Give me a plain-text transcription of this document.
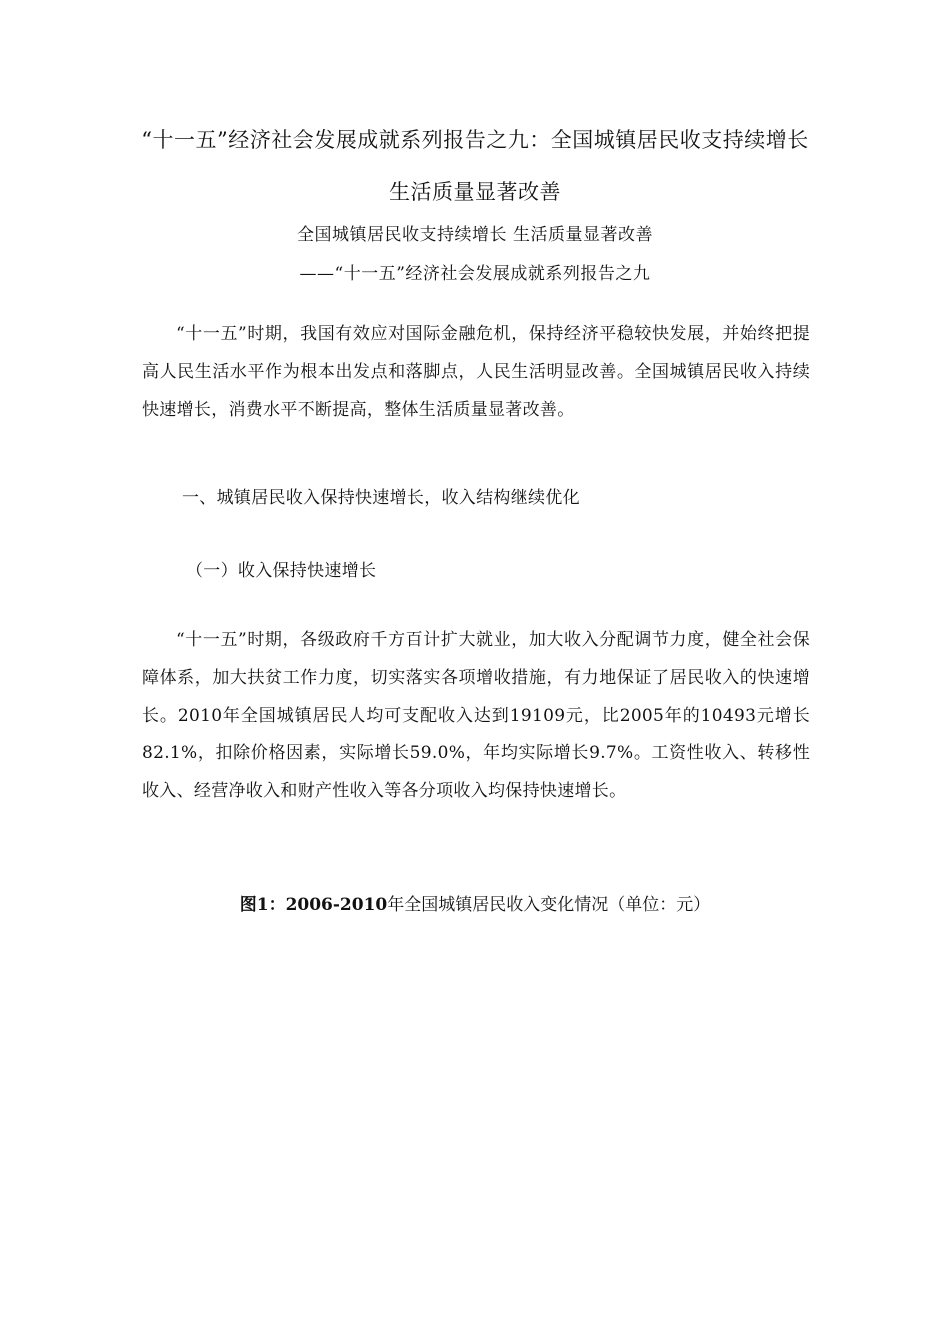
“十一五”经济社会发展成就系列报告之九：全国城镇居民收支持续增长
生活质量显著改善
全国城镇居民收支持续增长 生活质量显著改善
——“十一五”经济社会发展成就系列报告之九

“十一五”时期，我国有效应对国际金融危机，保持经济平稳较快发展，并始终把提高人民生活水平作为根本出发点和落脚点，人民生活明显改善。全国城镇居民收入持续快速增长，消费水平不断提高，整体生活质量显著改善。

一、城镇居民收入保持快速增长，收入结构继续优化
（一）收入保持快速增长

“十一五”时期，各级政府千方百计扩大就业，加大收入分配调节力度，健全社会保障体系，加大扶贫工作力度，切实落实各项增收措施，有力地保证了居民收入的快速增长。2010年全国城镇居民人均可支配收入达到19109元，比2005年的10493元增长82.1%，扣除价格因素，实际增长59.0%，年均实际增长9.7%。工资性收入、转移性收入、经营净收入和财产性收入等各分项收入均保持快速增长。

图1：2006-2010年全国城镇居民收入变化情况（单位：元）
